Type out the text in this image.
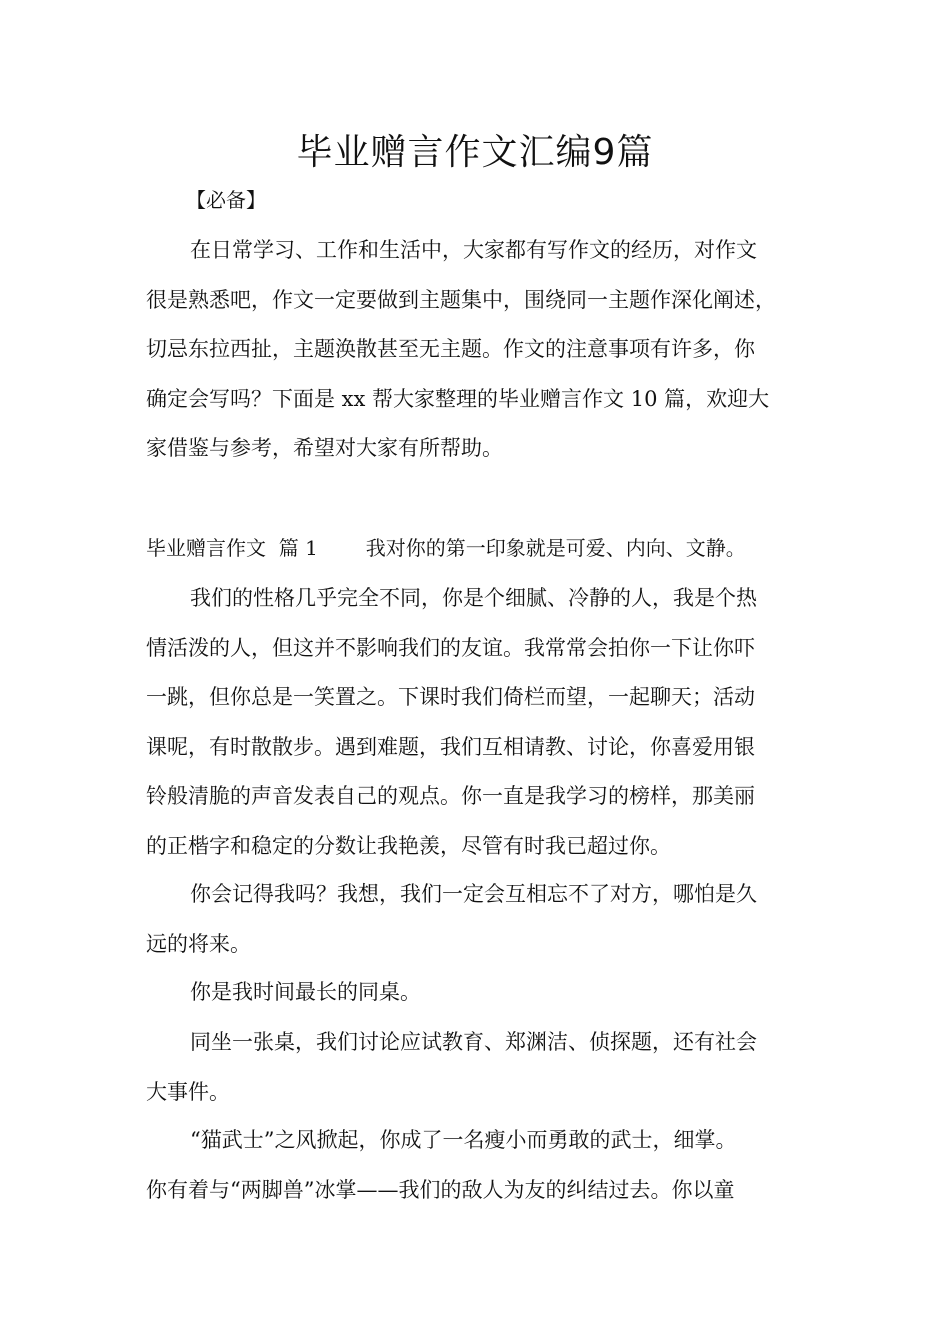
毕业赠言作文汇编9篇

【必备】

在日常学习、工作和生活中，大家都有写作文的经历，对作文
很是熟悉吧，作文一定要做到主题集中，围绕同一主题作深化阐述，
切忌东拉西扯，主题涣散甚至无主题。作文的注意事项有许多，你
确定会写吗？下面是 xx 帮大家整理的毕业赠言作文 10 篇，欢迎大
家借鉴与参考，希望对大家有所帮助。

毕业赠言作文  篇 1 我对你的第一印象就是可爱、内向、文静。

我们的性格几乎完全不同，你是个细腻、冷静的人，我是个热
情活泼的人，但这并不影响我们的友谊。我常常会拍你一下让你吓
一跳，但你总是一笑置之。下课时我们倚栏而望，一起聊天；活动
课呢，有时散散步。遇到难题，我们互相请教、讨论，你喜爱用银
铃般清脆的声音发表自己的观点。你一直是我学习的榜样，那美丽
的正楷字和稳定的分数让我艳羡，尽管有时我已超过你。
你会记得我吗？我想，我们一定会互相忘不了对方，哪怕是久
远的将来。
你是我时间最长的同桌。
同坐一张桌，我们讨论应试教育、郑渊洁、侦探题，还有社会
大事件。
“猫武士”之风掀起，你成了一名瘦小而勇敢的武士，细掌。
你有着与“两脚兽”冰掌——我们的敌人为友的纠结过去。你以童
